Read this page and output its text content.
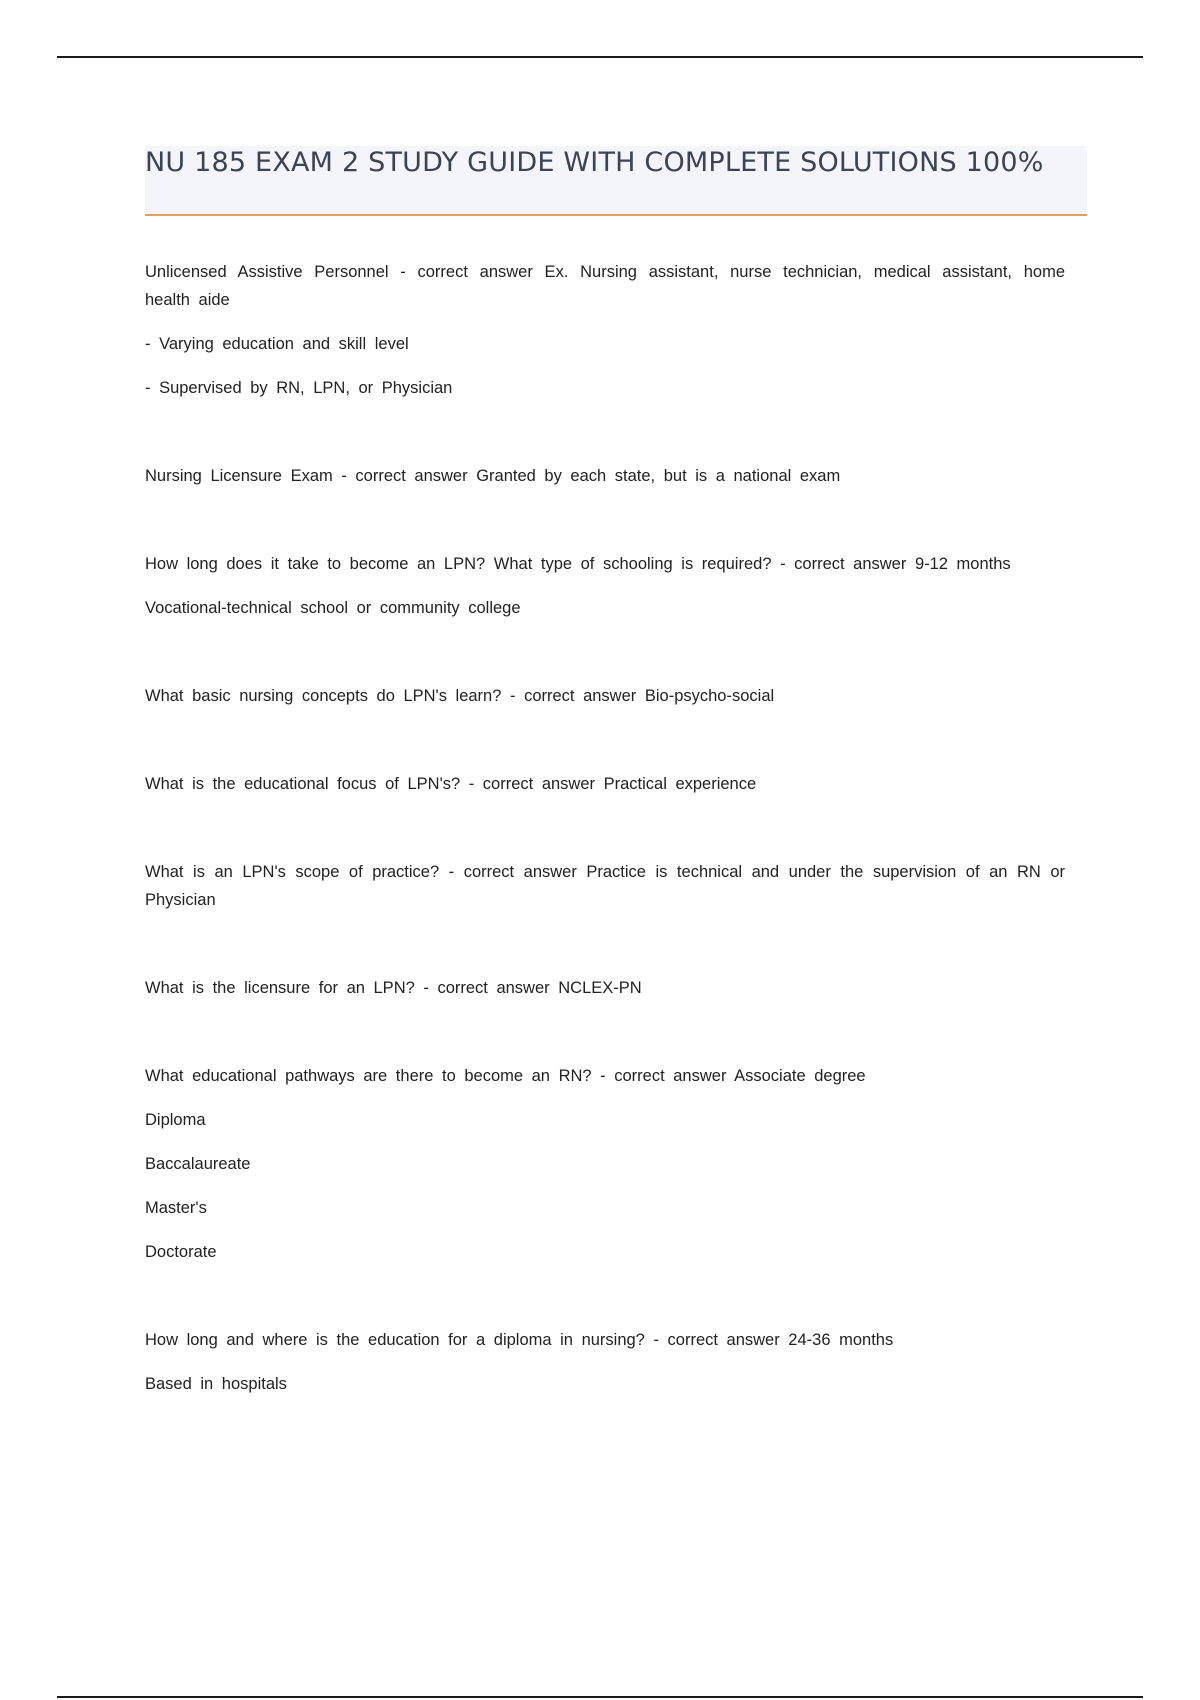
NU 185 EXAM 2 STUDY GUIDE WITH COMPLETE SOLUTIONS 100%

Unlicensed Assistive Personnel - correct answer Ex. Nursing assistant, nurse technician, medical assistant, home health aide

- Varying education and skill level

- Supervised by RN, LPN, or Physician

Nursing Licensure Exam - correct answer Granted by each state, but is a national exam

How long does it take to become an LPN? What type of schooling is required? - correct answer 9-12 months

Vocational-technical school or community college

What basic nursing concepts do LPN's learn? - correct answer Bio-psycho-social

What is the educational focus of LPN's? - correct answer Practical experience

What is an LPN's scope of practice? - correct answer Practice is technical and under the supervision of an RN or Physician

What is the licensure for an LPN? - correct answer NCLEX-PN

What educational pathways are there to become an RN? - correct answer Associate degree

Diploma

Baccalaureate

Master's

Doctorate

How long and where is the education for a diploma in nursing? - correct answer 24-36 months

Based in hospitals
